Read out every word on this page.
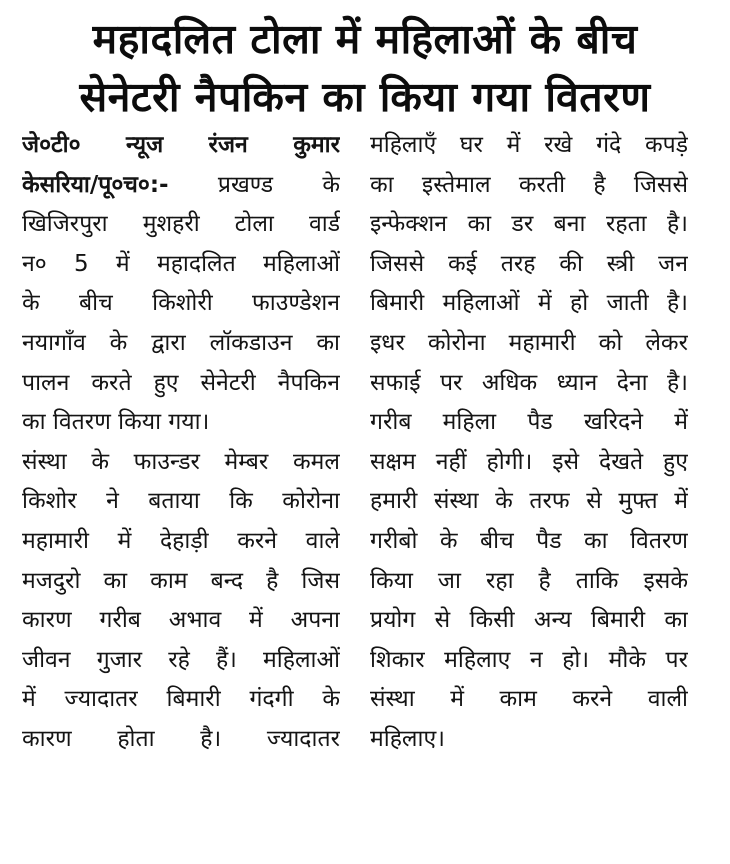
महादलित टोला में महिलाओं के बीच
सेनेटरी नैपकिन का किया गया वितरण
जे०टी० न्यूज रंजन कुमार
केसरिया/पू०च०:- प्रखण्ड के
खिजिरपुरा मुशहरी टोला वार्ड
न० 5 में महादलित महिलाओं
के बीच किशोरी फाउण्डेशन
नयागाँव के द्वारा लॉकडाउन का
पालन करते हुए सेनेटरी नैपकिन
का वितरण किया गया।
संस्था के फाउन्डर मेम्बर कमल
किशोर ने बताया कि कोरोना
महामारी में देहाड़ी करने वाले
मजदुरो का काम बन्द है जिस
कारण गरीब अभाव में अपना
जीवन गुजार रहे हैं। महिलाओं
में ज्यादातर बिमारी गंदगी के
कारण होता है। ज्यादातर
महिलाएँ घर में रखे गंदे कपड़े
का इस्तेमाल करती है जिससे
इन्फेक्शन का डर बना रहता है।
जिससे कई तरह की स्त्री जन
बिमारी महिलाओं में हो जाती है।
इधर कोरोना महामारी को लेकर
सफाई पर अधिक ध्यान देना है।
गरीब महिला पैड खरिदने में
सक्षम नहीं होगी। इसे देखते हुए
हमारी संस्था के तरफ से मुफ्त में
गरीबो के बीच पैड का वितरण
किया जा रहा है ताकि इसके
प्रयोग से किसी अन्य बिमारी का
शिकार महिलाए न हो। मौके पर
संस्था में काम करने वाली
महिलाए।
